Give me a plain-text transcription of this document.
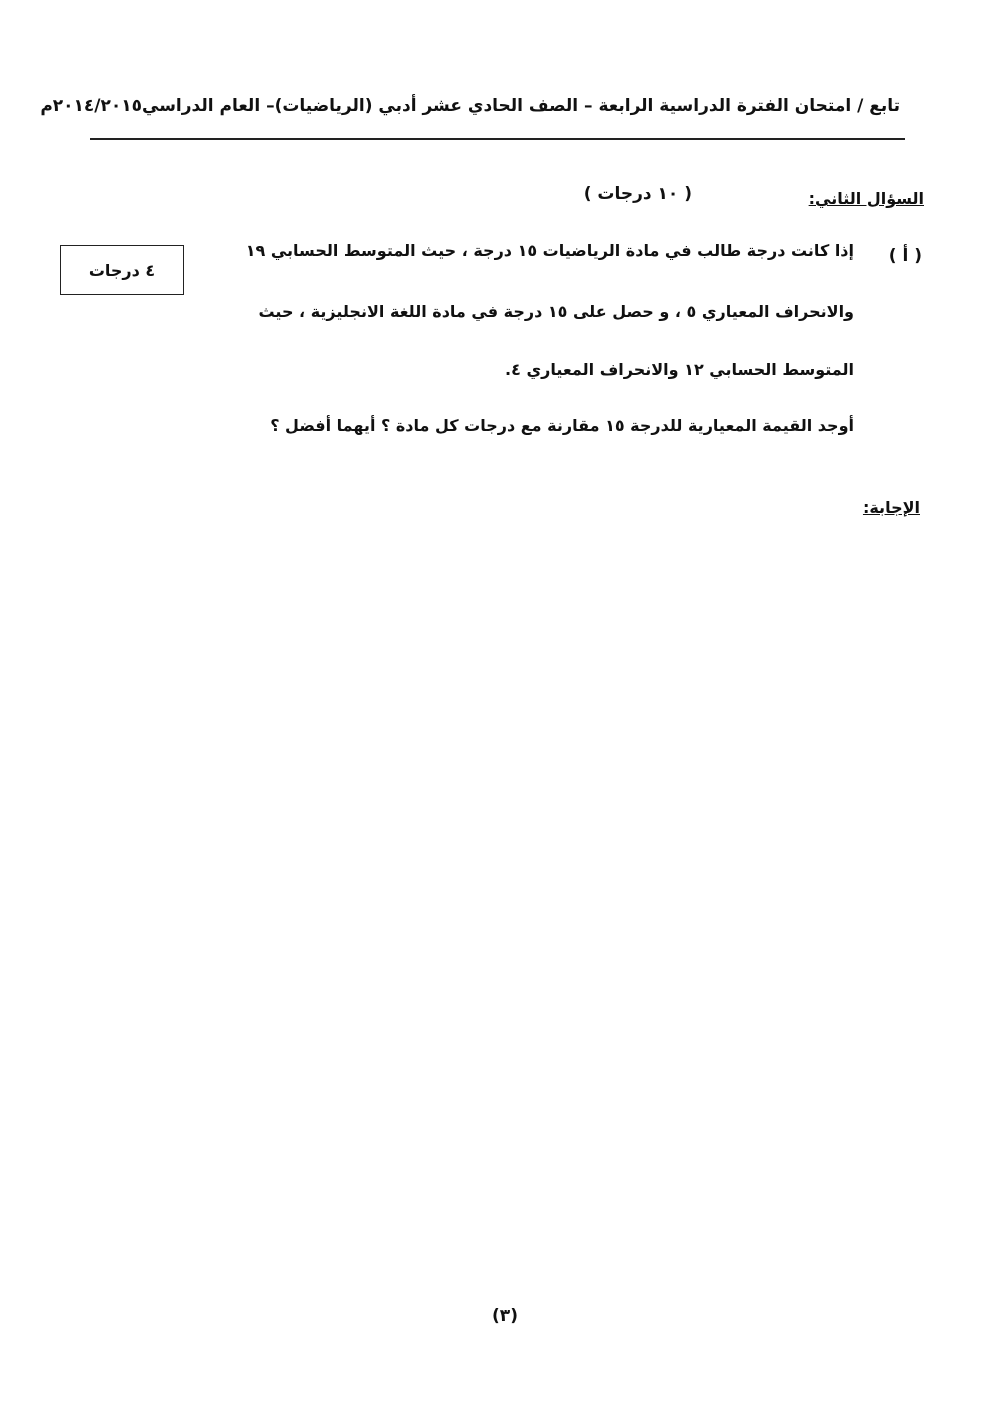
تابع / امتحان الفترة الدراسية الرابعة – الصف الحادي عشر أدبي (الرياضيات)– العام الدراسي٢٠١٤/٢٠١٥م
السؤال الثاني:
( ١٠ درجات )
( أ )
إذا كانت درجة طالب في مادة الرياضيات ١٥ درجة ، حيث المتوسط الحسابي ١٩
والانحراف المعياري ٥ ، و حصل على ١٥ درجة في مادة اللغة الانجليزية ، حيث
المتوسط الحسابي ١٢ والانحراف المعياري ٤.
أوجد القيمة المعيارية للدرجة ١٥ مقارنة مع درجات كل مادة ؟ أيهما أفضل ؟
٤ درجات
الإجابة:
(٣)
